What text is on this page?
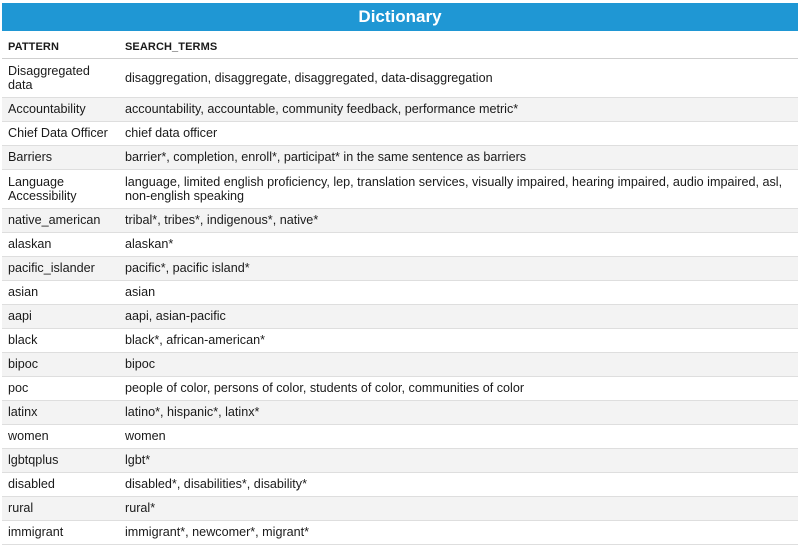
Dictionary
PATTERN	SEARCH_TERMS
Disaggregated data	disaggregation, disaggregate, disaggregated, data-disaggregation
Accountability	accountability, accountable, community feedback, performance metric*
Chief Data Officer	chief data officer
Barriers	barrier*, completion, enroll*, participat* in the same sentence as barriers
Language Accessibility	language, limited english proficiency, lep, translation services, visually impaired, hearing impaired, audio impaired, asl, non-english speaking
native_american	tribal*, tribes*, indigenous*, native*
alaskan	alaskan*
pacific_islander	pacific*, pacific island*
asian	asian
aapi	aapi, asian-pacific
black	black*, african-american*
bipoc	bipoc
poc	people of color, persons of color, students of color, communities of color
latinx	latino*, hispanic*, latinx*
women	women
lgbtqplus	lgbt*
disabled	disabled*, disabilities*, disability*
rural	rural*
immigrant	immigrant*, newcomer*, migrant*
